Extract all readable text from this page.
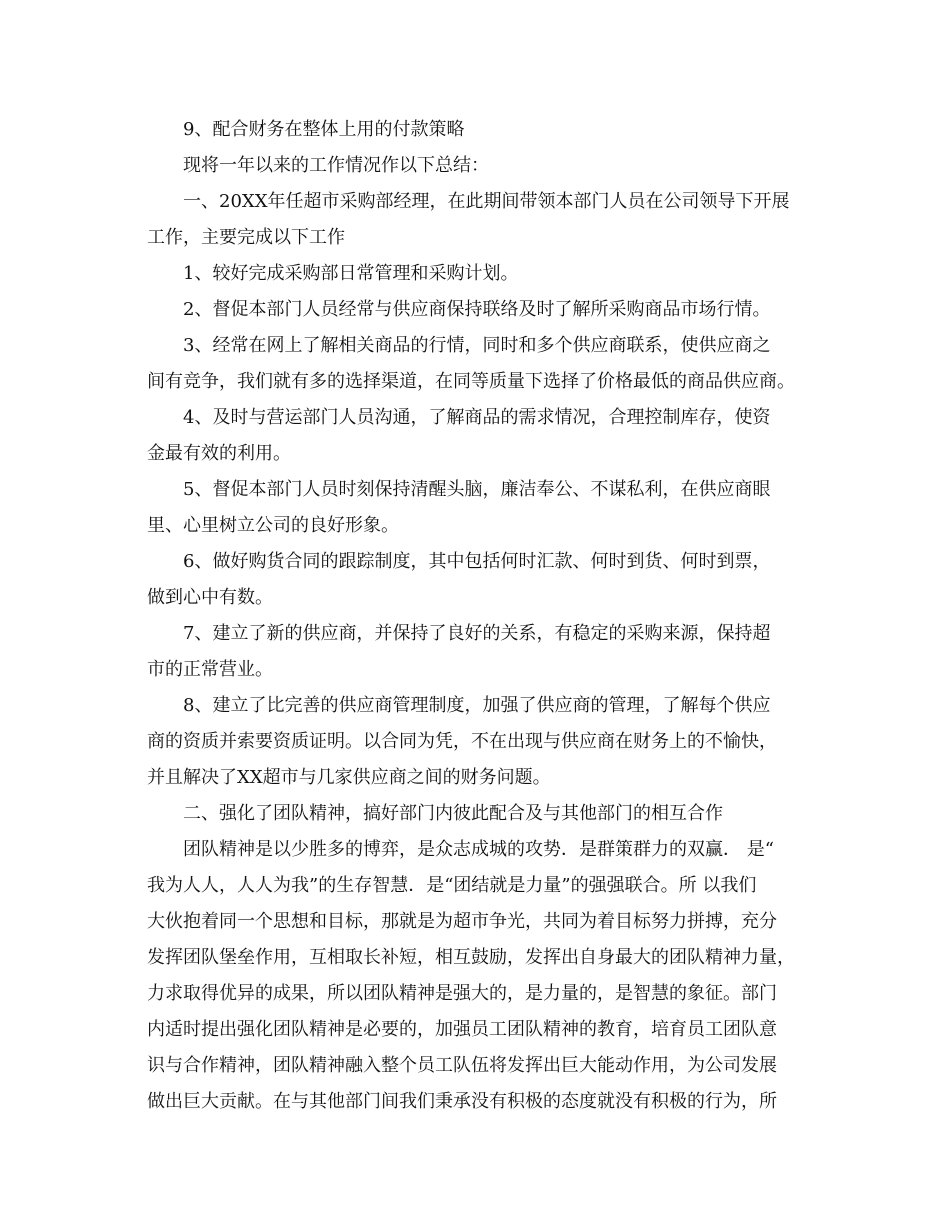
9、配合财务在整体上用的付款策略
现将一年以来的工作情况作以下总结：
一、20XX年任超市采购部经理，在此期间带领本部门人员在公司领导下开展
工作，主要完成以下工作
1、较好完成采购部日常管理和采购计划。
2、督促本部门人员经常与供应商保持联络及时了解所采购商品市场行情。
3、经常在网上了解相关商品的行情，同时和多个供应商联系，使供应商之
间有竞争，我们就有多的选择渠道，在同等质量下选择了价格最低的商品供应商。
4、及时与营运部门人员沟通，了解商品的需求情况，合理控制库存，使资
金最有效的利用。
5、督促本部门人员时刻保持清醒头脑，廉洁奉公、不谋私利，在供应商眼
里、心里树立公司的良好形象。
6、做好购货合同的跟踪制度，其中包括何时汇款、何时到货、何时到票，
做到心中有数。
7、建立了新的供应商，并保持了良好的关系，有稳定的采购来源，保持超
市的正常营业。
8、建立了比完善的供应商管理制度，加强了供应商的管理，了解每个供应
商的资质并索要资质证明。以合同为凭，不在出现与供应商在财务上的不愉快，
并且解决了XX超市与几家供应商之间的财务问题。
二、强化了团队精神，搞好部门内彼此配合及与其他部门的相互合作
团队精神是以少胜多的博弈，是众志成城的攻势．是群策群力的双赢． 是“
我为人人，人人为我”的生存智慧．是“团结就是力量”的强强联合。所 以我们
大伙抱着同一个思想和目标，那就是为超市争光，共同为着目标努力拼搏，充分
发挥团队堡垒作用，互相取长补短，相互鼓励，发挥出自身最大的团队精神力量，
力求取得优异的成果，所以团队精神是强大的，是力量的，是智慧的象征。部门
内适时提出强化团队精神是必要的，加强员工团队精神的教育，培育员工团队意
识与合作精神，团队精神融入整个员工队伍将发挥出巨大能动作用，为公司发展
做出巨大贡献。在与其他部门间我们秉承没有积极的态度就没有积极的行为，所
